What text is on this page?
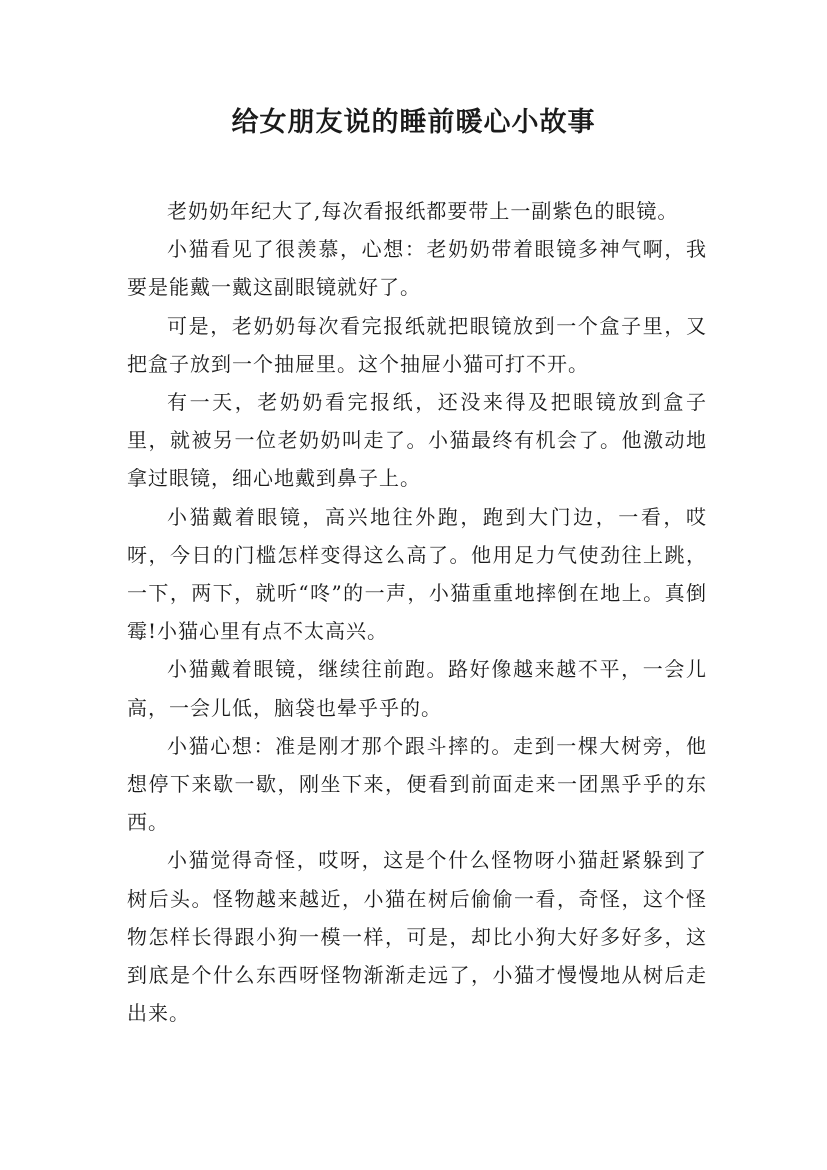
给女朋友说的睡前暖心小故事

老奶奶年纪大了,每次看报纸都要带上一副紫色的眼镜。

小猫看见了很羡慕，心想：老奶奶带着眼镜多神气啊，我要是能戴一戴这副眼镜就好了。

可是，老奶奶每次看完报纸就把眼镜放到一个盒子里，又把盒子放到一个抽屉里。这个抽屉小猫可打不开。

有一天，老奶奶看完报纸，还没来得及把眼镜放到盒子里，就被另一位老奶奶叫走了。小猫最终有机会了。他激动地拿过眼镜，细心地戴到鼻子上。

小猫戴着眼镜，高兴地往外跑，跑到大门边，一看，哎呀，今日的门槛怎样变得这么高了。他用足力气使劲往上跳，一下，两下，就听“咚”的一声，小猫重重地摔倒在地上。真倒霉!小猫心里有点不太高兴。

小猫戴着眼镜，继续往前跑。路好像越来越不平，一会儿高，一会儿低，脑袋也晕乎乎的。

小猫心想：准是刚才那个跟斗摔的。走到一棵大树旁，他想停下来歇一歇，刚坐下来，便看到前面走来一团黑乎乎的东西。

小猫觉得奇怪，哎呀，这是个什么怪物呀小猫赶紧躲到了树后头。怪物越来越近，小猫在树后偷偷一看，奇怪，这个怪物怎样长得跟小狗一模一样，可是，却比小狗大好多好多，这到底是个什么东西呀怪物渐渐走远了，小猫才慢慢地从树后走出来。
